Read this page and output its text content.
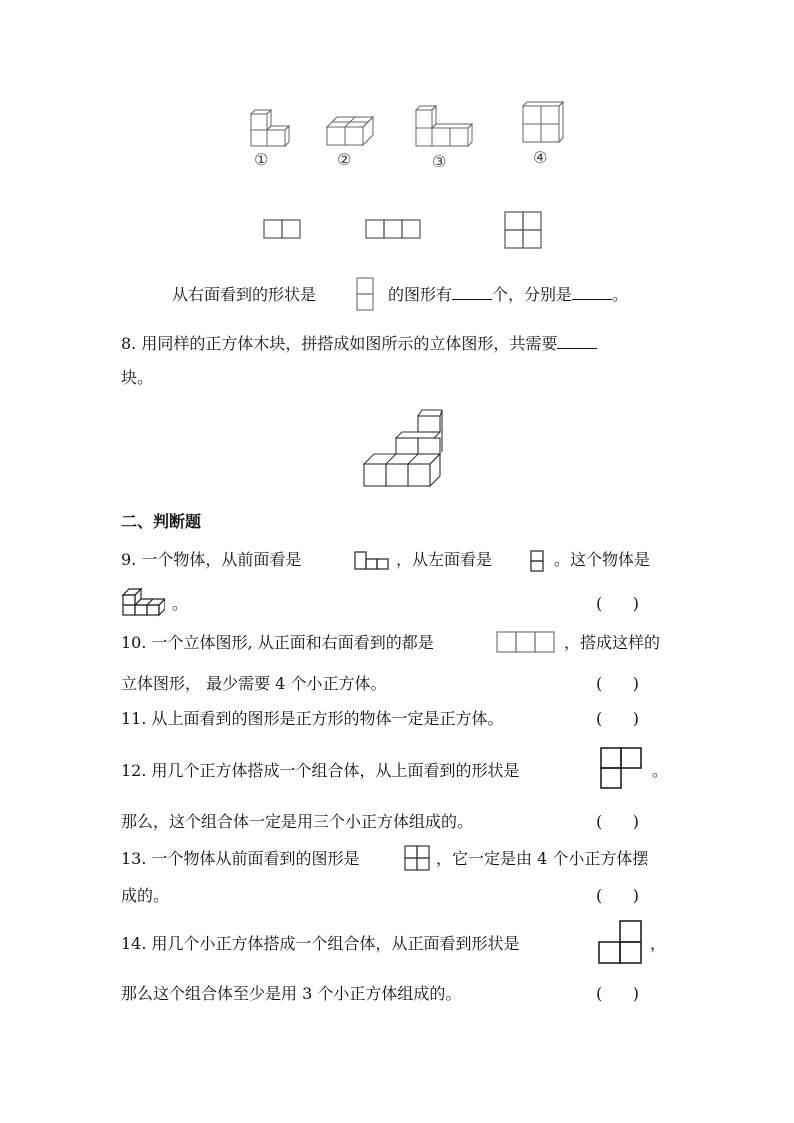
①	②	③	④
从右面看到的形状是	的图形有	个，分别是	。
8. 用同样的正方体木块，拼搭成如图所示的立体图形，共需要
块。
二、判断题
9. 一个物体，从前面看是	，从左面看是	。这个物体是
。	(      )
10. 一个立体图形, 从正面和右面看到的都是	，搭成这样的
立体图形， 最少需要 4 个小正方体。	(      )
11. 从上面看到的图形是正方形的物体一定是正方体。	(      )
12. 用几个正方体搭成一个组合体，从上面看到的形状是	。
那么，这个组合体一定是用三个小正方体组成的。	(      )
13. 一个物体从前面看到的图形是	，它一定是由 4 个小正方体摆
成的。	(      )
14. 用几个小正方体搭成一个组合体，从正面看到形状是	，
那么这个组合体至少是用 3 个小正方体组成的。	(      )
